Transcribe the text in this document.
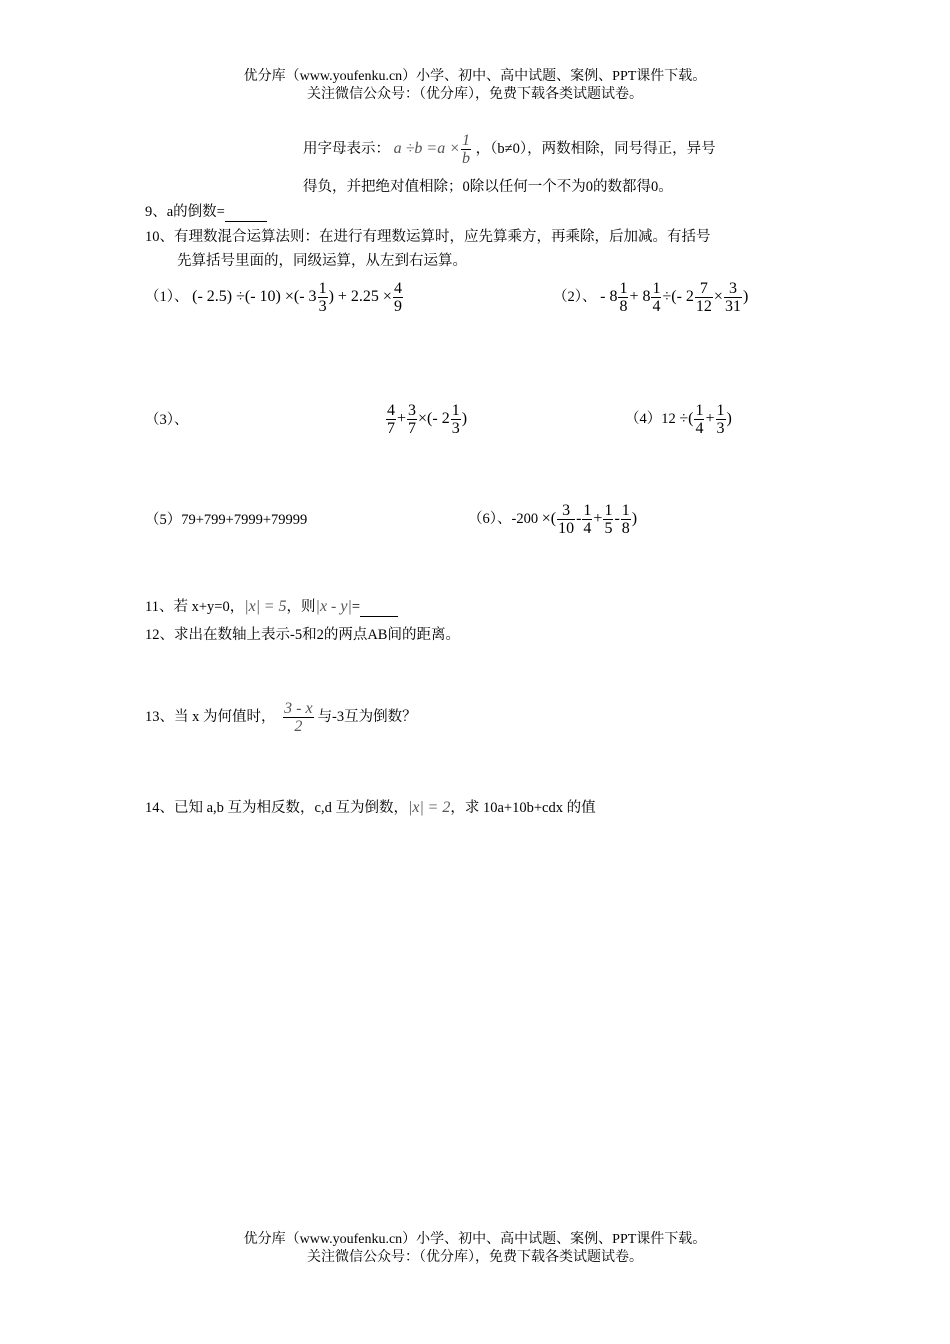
优分库（www.youfenku.cn）小学、初中、高中试题、案例、PPT课件下载。
关注微信公众号：（优分库），免费下载各类试题试卷。
用字母表示： $a \div b =a \times \frac{1}{b}$ ，（b≠0），两数相除，同号得正，异号
得负，并把绝对值相除；0除以任何一个不为0的数都得0。
9、a的倒数=
10、有理数混合运算法则：在进行有理数运算时，应先算乘方，再乘除，后加减。有括号
先算括号里面的，同级运算，从左到右运算。
（1）、 (- 2.5) ÷(- 10) ×(- $3 \frac{1}{3}$ ) + $2.25 \times \frac{4}{9}$	（2）、 - $8 \frac{1}{8} + 8 \frac{1}{4}$ ÷(- $2 \frac{7}{12} \times \frac{3}{31}$ )
（3）、	$\frac{4}{7} + \frac{3}{7}$ ×(- $2 \frac{1}{3}$ )	（4）12 ÷( $\frac{1}{4} + \frac{1}{3}$ )
（5）79+799+7999+79999	（6）、-200 ×( $\frac{3}{10} - \frac{1}{4} + \frac{1}{5} - \frac{1}{8}$ )
11、若 x+y=0，|x| = 5，则|x - y|=
12、求出在数轴上表示-5和2的两点AB间的距离。
13、当 x 为何值时， $\frac{3 - x}{2}$ 与-3互为倒数？
14、已知 a,b 互为相反数，c,d 互为倒数，|x| = 2，求 10a+10b+cdx 的值
优分库（www.youfenku.cn）小学、初中、高中试题、案例、PPT课件下载。
关注微信公众号：（优分库），免费下载各类试题试卷。
